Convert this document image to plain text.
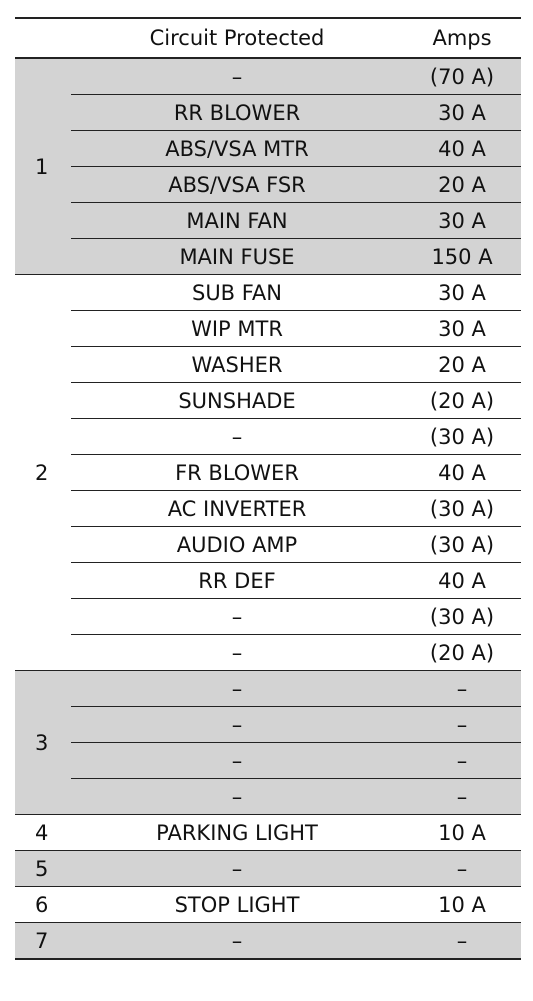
	Circuit Protected	Amps
1	–	(70 A)
	RR BLOWER	30 A
	ABS/VSA MTR	40 A
	ABS/VSA FSR	20 A
	MAIN FAN	30 A
	MAIN FUSE	150 A
2	SUB FAN	30 A
	WIP MTR	30 A
	WASHER	20 A
	SUNSHADE	(20 A)
	–	(30 A)
	FR BLOWER	40 A
	AC INVERTER	(30 A)
	AUDIO AMP	(30 A)
	RR DEF	40 A
	–	(30 A)
	–	(20 A)
3	–	–
	–	–
	–	–
	–	–
4	PARKING LIGHT	10 A
5	–	–
6	STOP LIGHT	10 A
7	–	–
